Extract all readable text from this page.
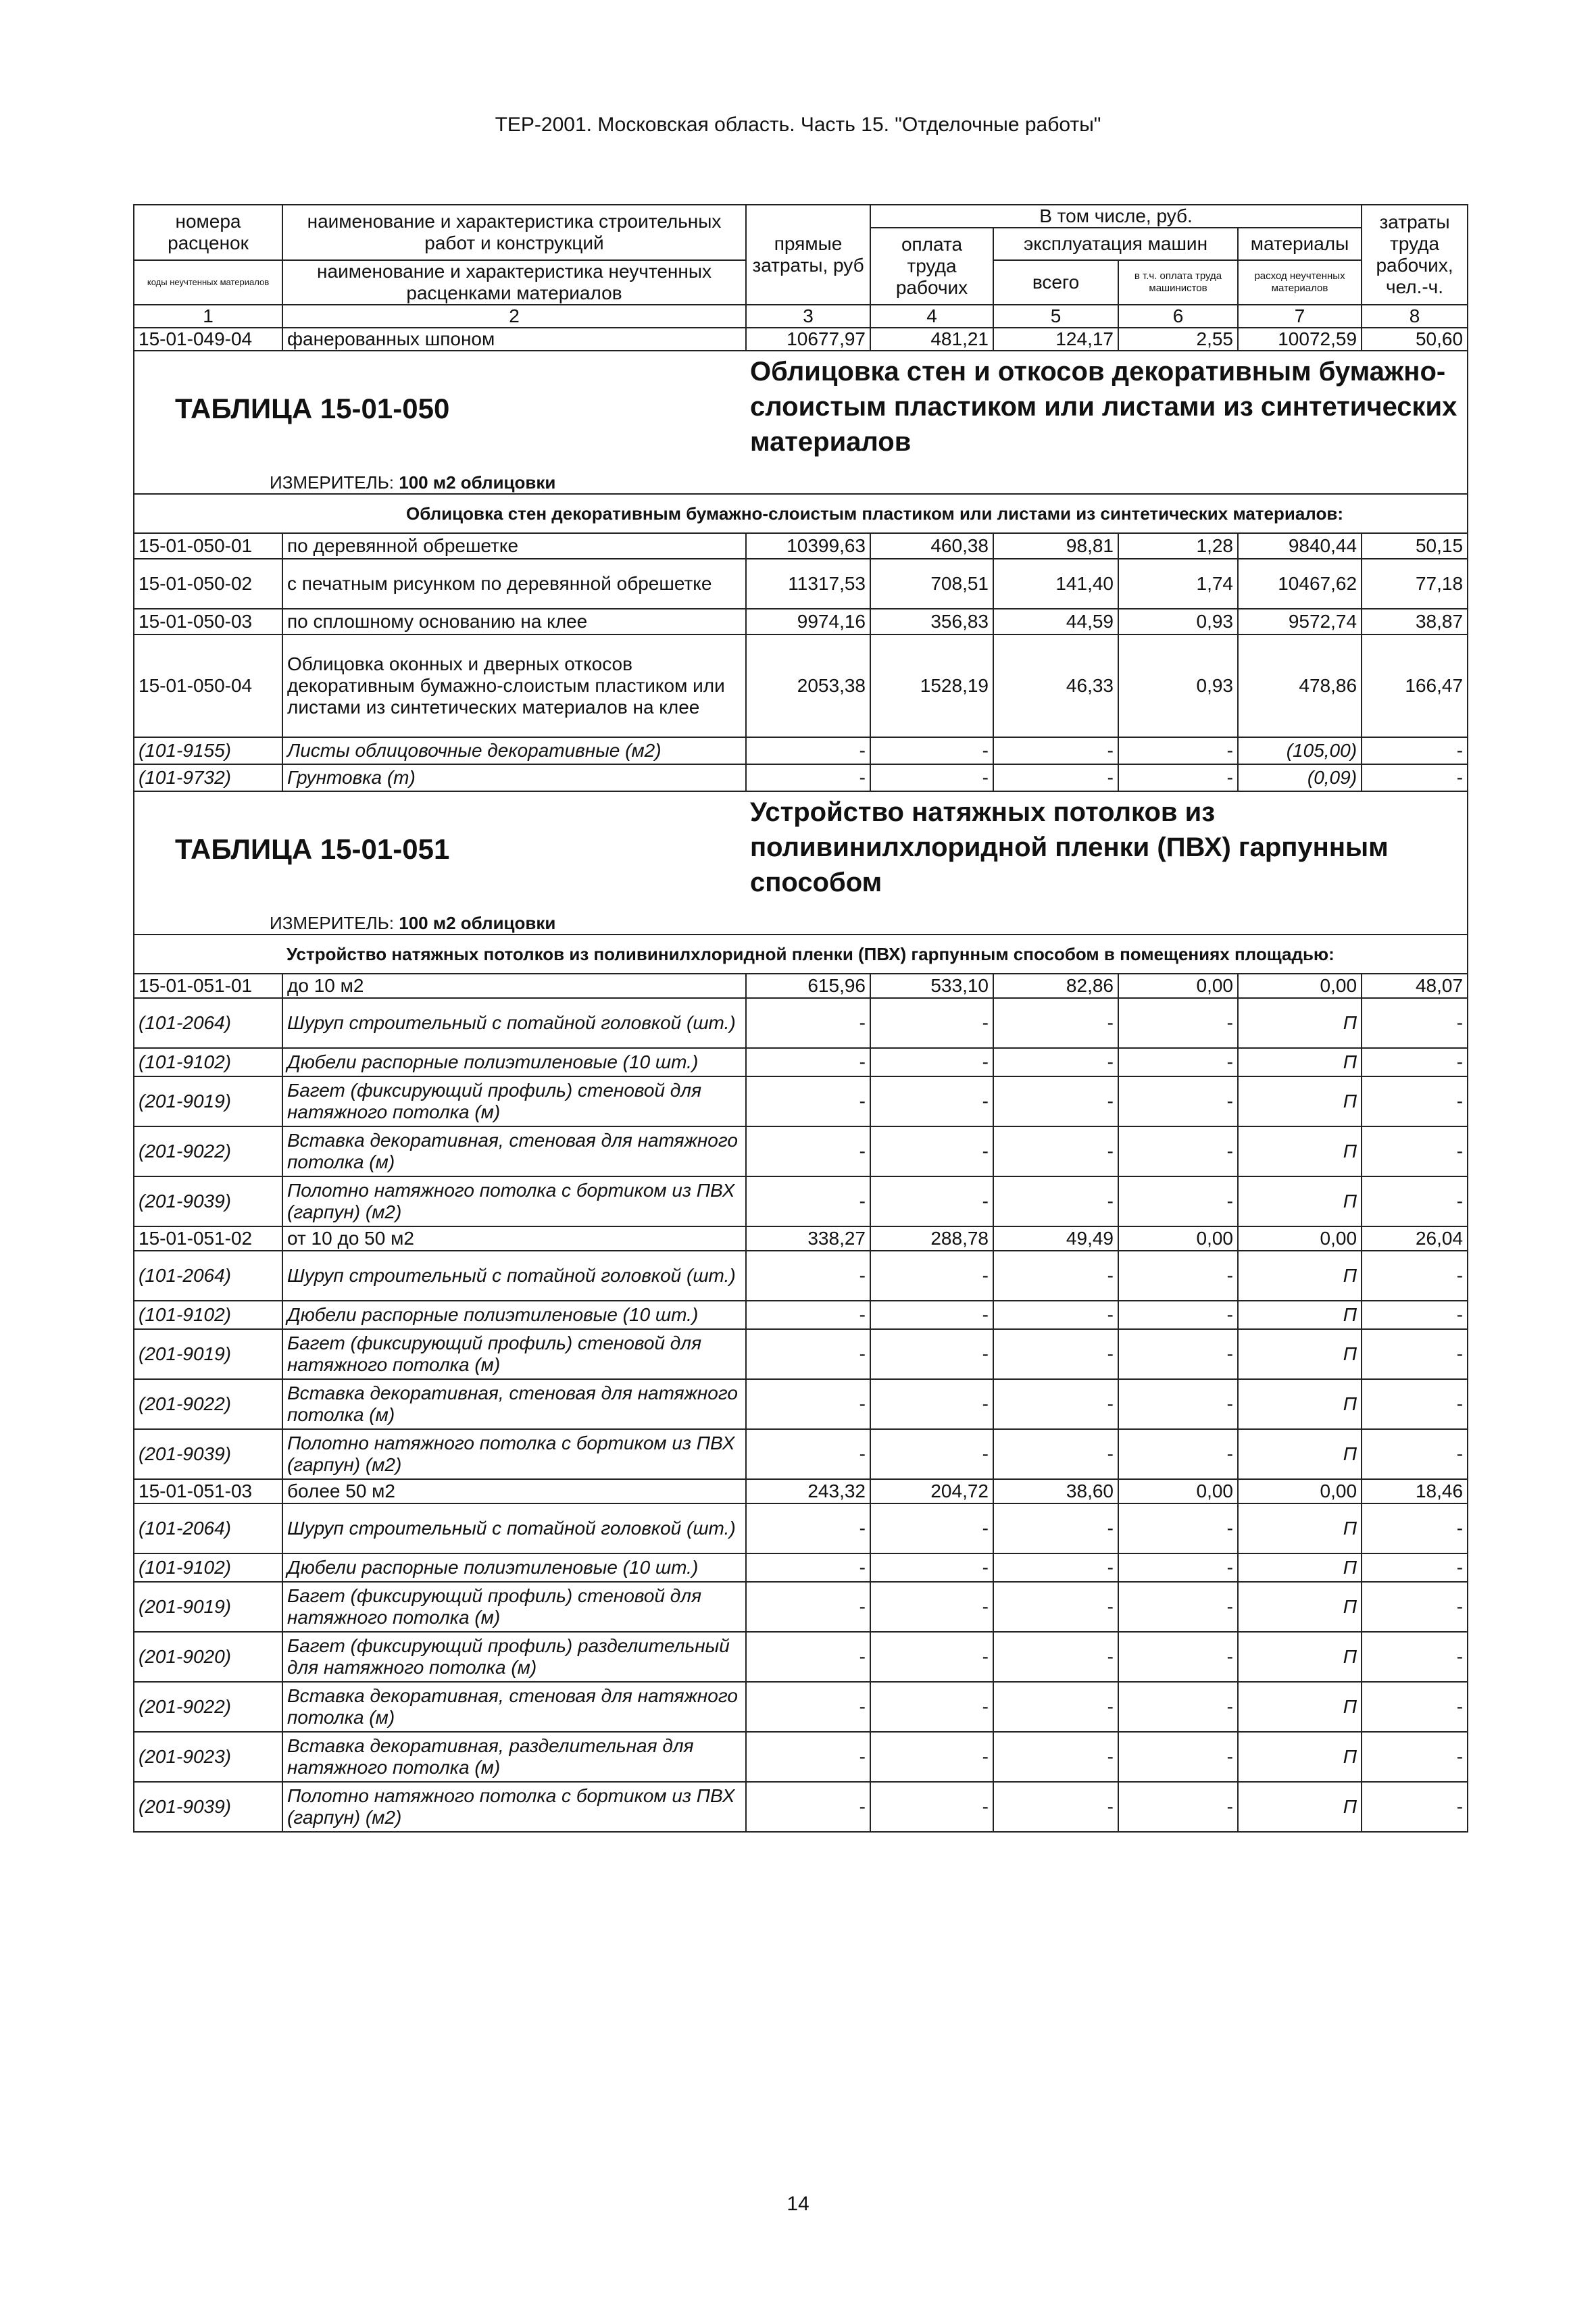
ТЕР-2001. Московская область. Часть 15. "Отделочные работы"
номера расценок	наименование и характеристика строительных работ и конструкций	прямые затраты, руб	В том числе, руб.				затраты труда рабочих, чел.-ч.
			оплата труда рабочих	эксплуатация машин		материалы	
коды неучтенных материалов	наименование и характеристика неучтенных расценками материалов			всего	в т.ч. оплата труда машинистов	расход неучтенных материалов	

1	2	3	4	5	6	7	8
15-01-049-04	фанерованных шпоном	10677,97	481,21	124,17	2,55	10072,59	50,60
ТАБЛИЦА 15-01-050		Облицовка стен и откосов декоративным бумажно-слоистым пластиком или листами из синтетических материалов					
ИЗМЕРИТЕЛЬ: 100 м2 облицовки							
	Облицовка стен декоративным бумажно-слоистым пластиком или листами из синтетических материалов:						
15-01-050-01	по деревянной обрешетке	10399,63	460,38	98,81	1,28	9840,44	50,15
15-01-050-02	с печатным рисунком по деревянной обрешетке	11317,53	708,51	141,40	1,74	10467,62	77,18
15-01-050-03	по сплошному основанию на клее	9974,16	356,83	44,59	0,93	9572,74	38,87
15-01-050-04	Облицовка оконных и дверных откосов декоративным бумажно-слоистым пластиком или листами из синтетических материалов на клее	2053,38	1528,19	46,33	0,93	478,86	166,47
(101-9155)	Листы облицовочные декоративные (м2)	-	-	-	-	(105,00)	-
(101-9732)	Грунтовка (т)	-	-	-	-	(0,09)	-
ТАБЛИЦА 15-01-051		Устройство натяжных потолков из поливинилхлоридной пленки (ПВХ) гарпунным способом					
ИЗМЕРИТЕЛЬ: 100 м2 облицовки							
	Устройство натяжных потолков из поливинилхлоридной пленки (ПВХ) гарпунным способом в помещениях площадью:						
15-01-051-01	до 10 м2	615,96	533,10	82,86	0,00	0,00	48,07
(101-2064)	Шуруп строительный с потайной головкой (шт.)	-	-	-	-	П	-
(101-9102)	Дюбели распорные полиэтиленовые (10 шт.)	-	-	-	-	П	-
(201-9019)	Багет (фиксирующий профиль) стеновой для натяжного потолка (м)	-	-	-	-	П	-
(201-9022)	Вставка декоративная, стеновая для натяжного потолка (м)	-	-	-	-	П	-
(201-9039)	Полотно натяжного потолка с бортиком из ПВХ (гарпун) (м2)	-	-	-	-	П	-
15-01-051-02	от 10 до 50 м2	338,27	288,78	49,49	0,00	0,00	26,04
(101-2064)	Шуруп строительный с потайной головкой (шт.)	-	-	-	-	П	-
(101-9102)	Дюбели распорные полиэтиленовые (10 шт.)	-	-	-	-	П	-
(201-9019)	Багет (фиксирующий профиль) стеновой для натяжного потолка (м)	-	-	-	-	П	-
(201-9022)	Вставка декоративная, стеновая для натяжного потолка (м)	-	-	-	-	П	-
(201-9039)	Полотно натяжного потолка с бортиком из ПВХ (гарпун) (м2)	-	-	-	-	П	-
15-01-051-03	более 50 м2	243,32	204,72	38,60	0,00	0,00	18,46
(101-2064)	Шуруп строительный с потайной головкой (шт.)	-	-	-	-	П	-
(101-9102)	Дюбели распорные полиэтиленовые (10 шт.)	-	-	-	-	П	-
(201-9019)	Багет (фиксирующий профиль) стеновой для натяжного потолка (м)	-	-	-	-	П	-
(201-9020)	Багет (фиксирующий профиль) разделительный для натяжного потолка (м)	-	-	-	-	П	-
(201-9022)	Вставка декоративная, стеновая для натяжного потолка (м)	-	-	-	-	П	-
(201-9023)	Вставка декоративная, разделительная для натяжного потолка (м)	-	-	-	-	П	-
(201-9039)	Полотно натяжного потолка с бортиком из ПВХ (гарпун) (м2)	-	-	-	-	П	-
14
